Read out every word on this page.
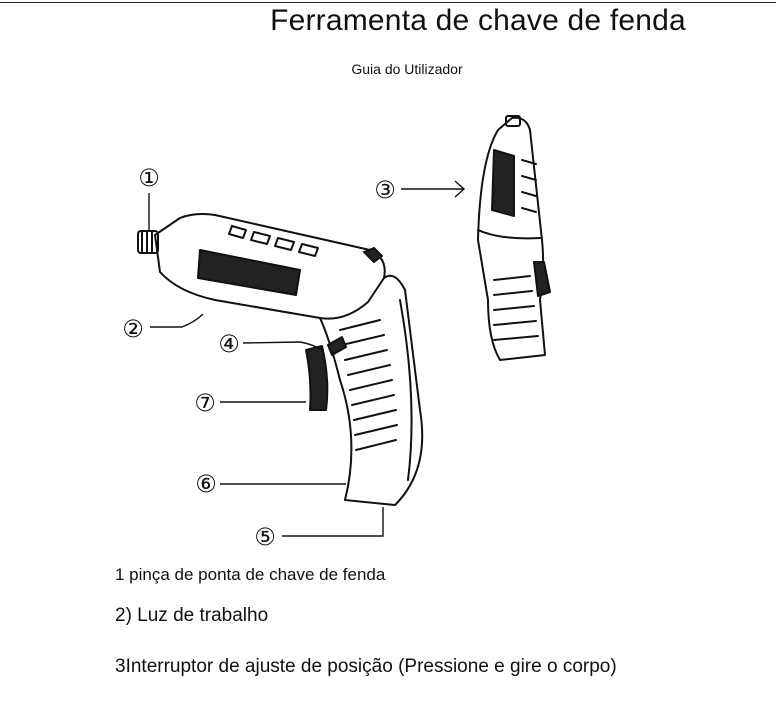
Ferramenta de chave de fenda
Guia do Utilizador
①
②
③
④
⑤
⑥
⑦
1 pinça de ponta de chave de fenda
2) Luz de trabalho
3Interruptor de ajuste de posição (Pressione e gire o corpo)
